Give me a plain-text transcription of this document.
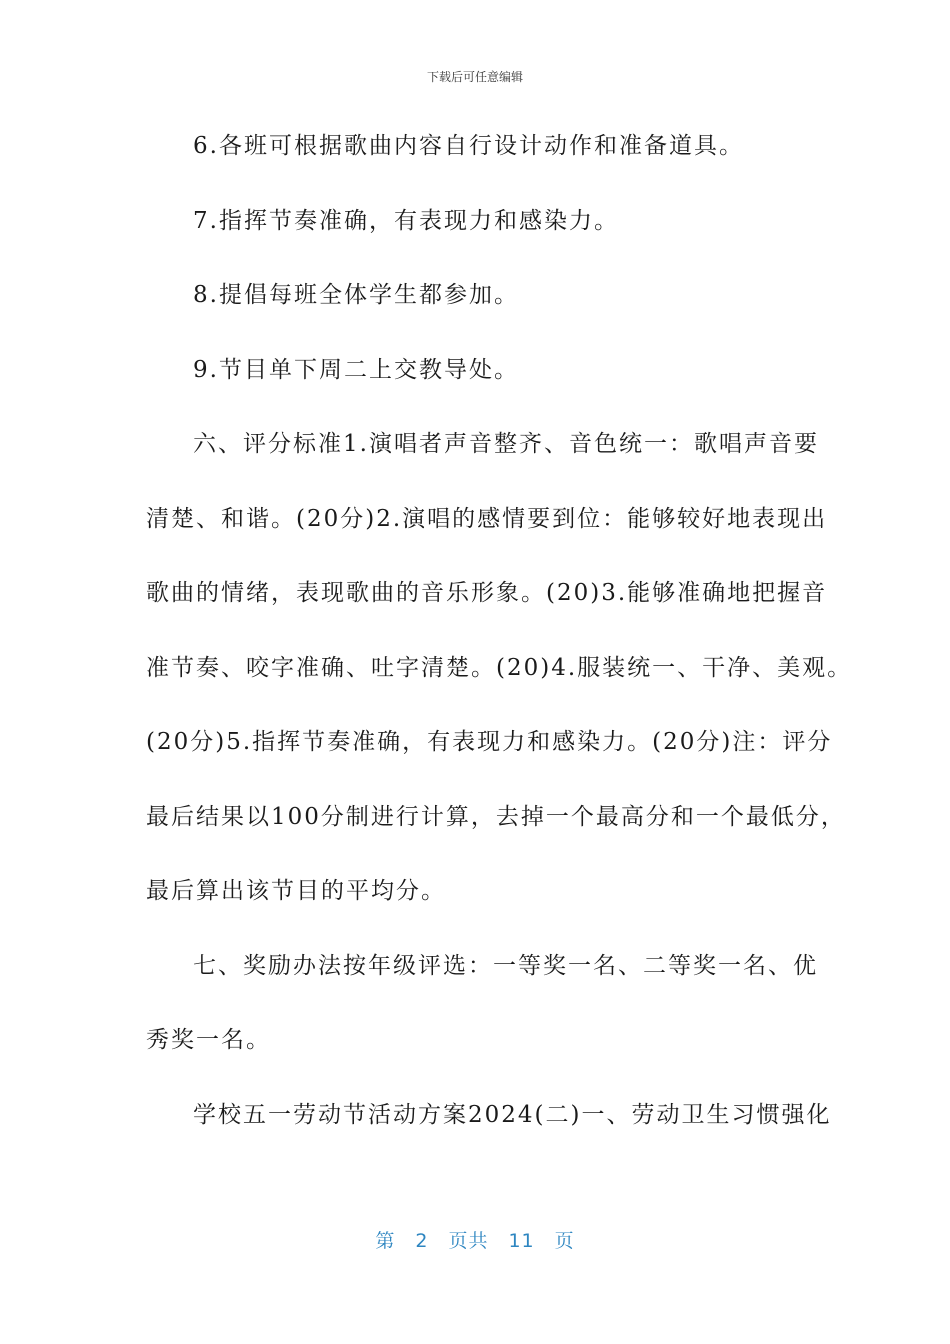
下载后可任意编辑
6.各班可根据歌曲内容自行设计动作和准备道具。
7.指挥节奏准确，有表现力和感染力。
8.提倡每班全体学生都参加。
9.节目单下周二上交教导处。
六、评分标准1.演唱者声音整齐、音色统一：歌唱声音要
清楚、和谐。(20分)2.演唱的感情要到位：能够较好地表现出
歌曲的情绪，表现歌曲的音乐形象。(20)3.能够准确地把握音
准节奏、咬字准确、吐字清楚。(20)4.服装统一、干净、美观。
(20分)5.指挥节奏准确，有表现力和感染力。(20分)注：评分
最后结果以100分制进行计算，去掉一个最高分和一个最低分，
最后算出该节目的平均分。
七、奖励办法按年级评选：一等奖一名、二等奖一名、优
秀奖一名。
学校五一劳动节活动方案2024(二)一、劳动卫生习惯强化
第 2 页共 11 页
